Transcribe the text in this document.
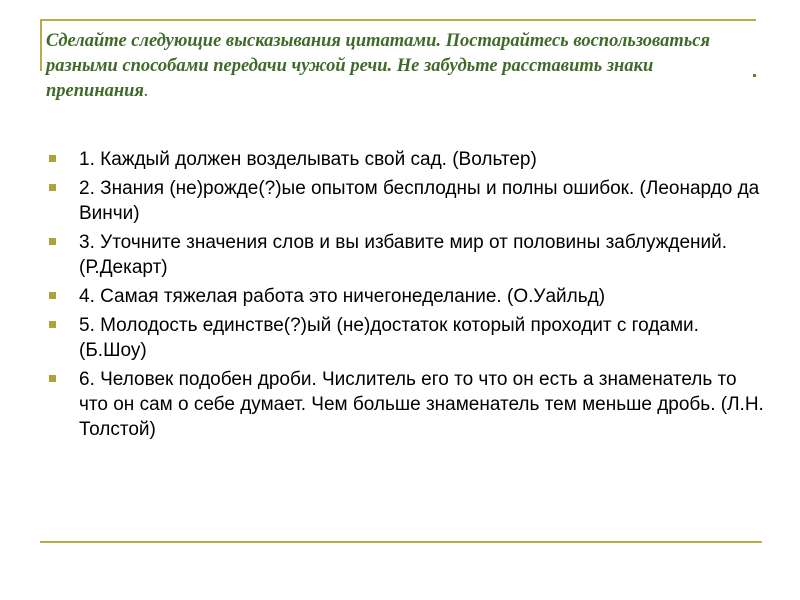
Сделайте следующие высказывания цитатами. Постарайтесь воспользоваться разными способами передачи чужой речи. Не забудьте расставить знаки препинания.
1. Каждый должен возделывать свой сад. (Вольтер)
2. Знания (не)рожде(?)ые опытом бесплодны и полны ошибок. (Леонардо да Винчи)
3. Уточните значения слов и вы избавите мир от половины заблуждений. (Р.Декарт)
4. Самая тяжелая работа это ничегонеделание. (О.Уайльд)
5. Молодость единстве(?)ый (не)достаток который проходит с годами. (Б.Шоу)
6. Человек подобен дроби. Числитель его то что он есть а знаменатель то что он сам о себе думает. Чем больше знаменатель тем меньше дробь. (Л.Н. Толстой)
